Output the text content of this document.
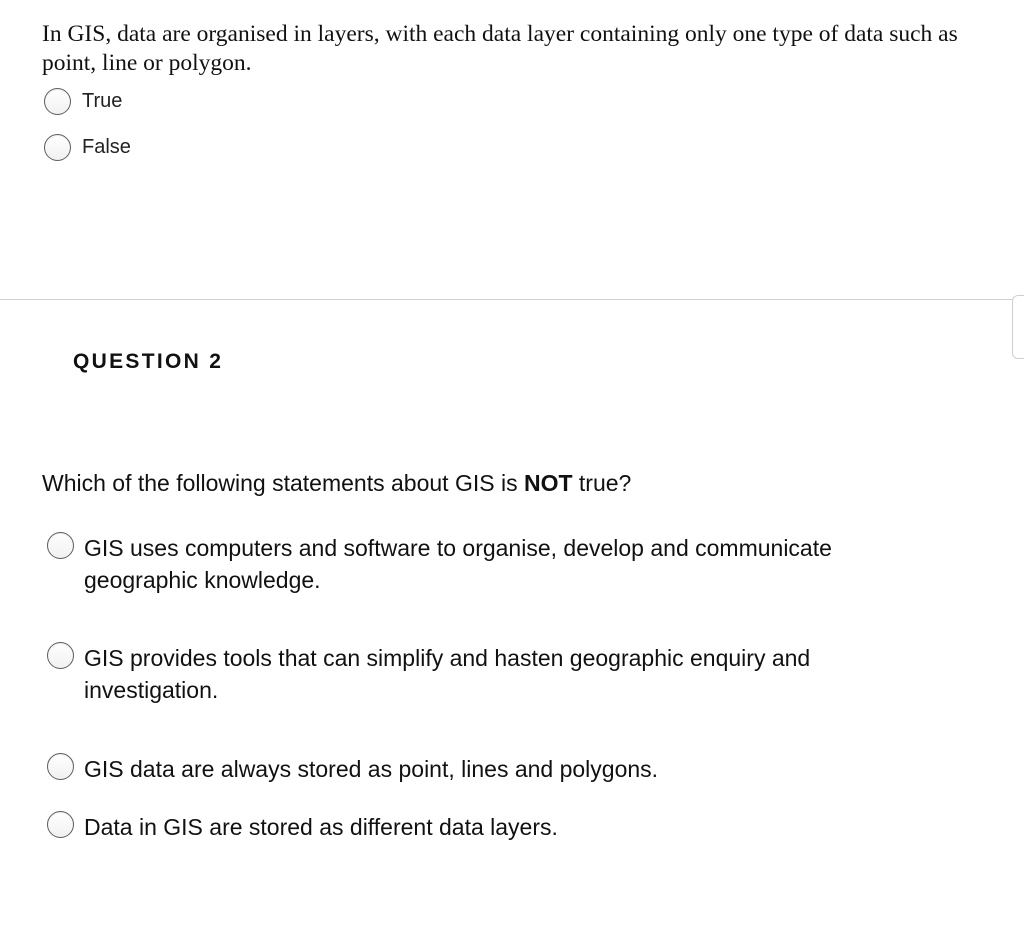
In GIS, data are organised in layers, with each data layer containing only one type of data such as point, line or polygon.
True
False
QUESTION 2
Which of the following statements about GIS is NOT true?
GIS uses computers and software to organise, develop and communicate geographic knowledge.
GIS provides tools that can simplify and hasten geographic enquiry and investigation.
GIS data are always stored as point, lines and polygons.
Data in GIS are stored as different data layers.
